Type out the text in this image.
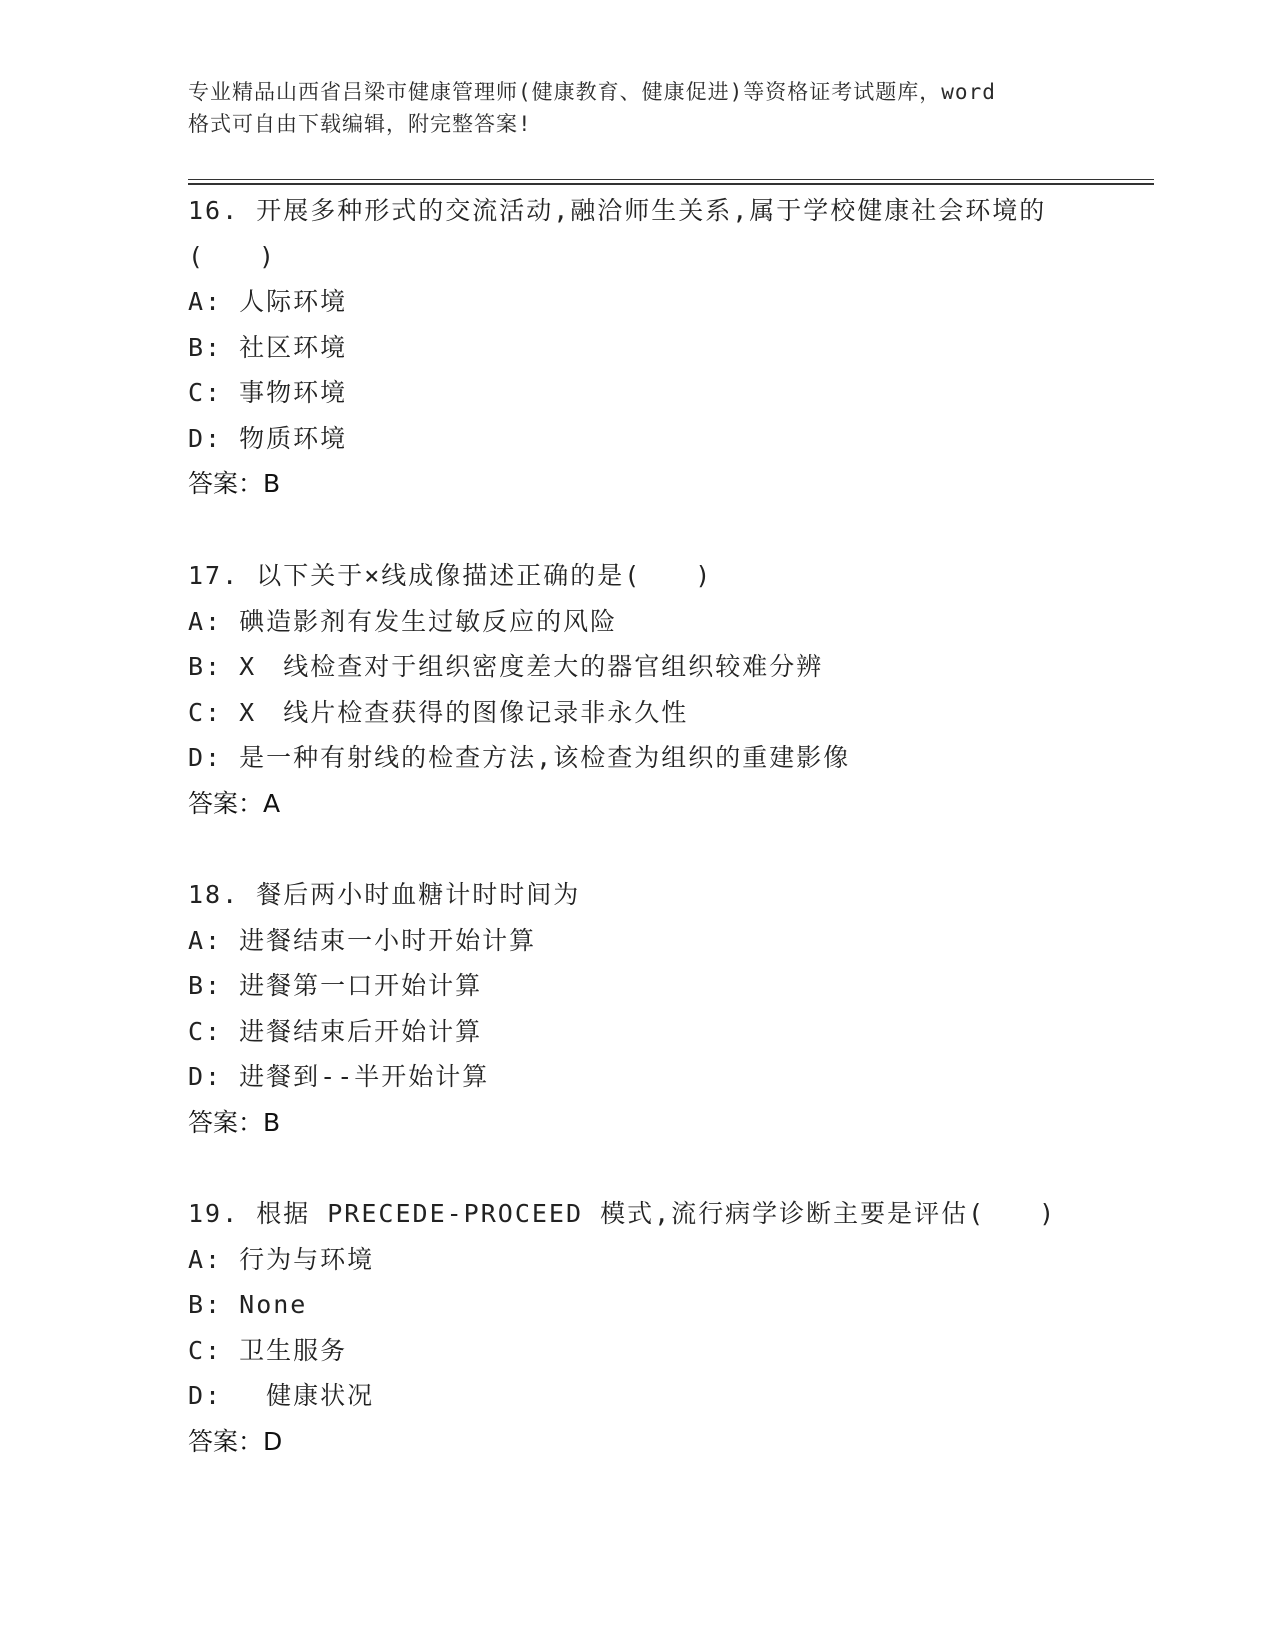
专业精品山西省吕梁市健康管理师(健康教育、健康促进)等资格证考试题库，word
格式可自由下载编辑，附完整答案!
16. 开展多种形式的交流活动,融洽师生关系,属于学校健康社会环境的(　　)
A: 人际环境
B: 社区环境
C: 事物环境
D: 物质环境
答案：B
17. 以下关于×线成像描述正确的是(　　)
A: 碘造影剂有发生过敏反应的风险
B: X　线检查对于组织密度差大的器官组织较难分辨
C: X　线片检查获得的图像记录非永久性
D: 是一种有射线的检查方法,该检查为组织的重建影像
答案：A
18. 餐后两小时血糖计时时间为
A: 进餐结束一小时开始计算
B: 进餐第一口开始计算
C: 进餐结束后开始计算
D: 进餐到--半开始计算
答案：B
19. 根据 PRECEDE-PROCEED 模式,流行病学诊断主要是评估(　　)
A: 行为与环境
B: None
C: 卫生服务
D: 　健康状况
答案：D
